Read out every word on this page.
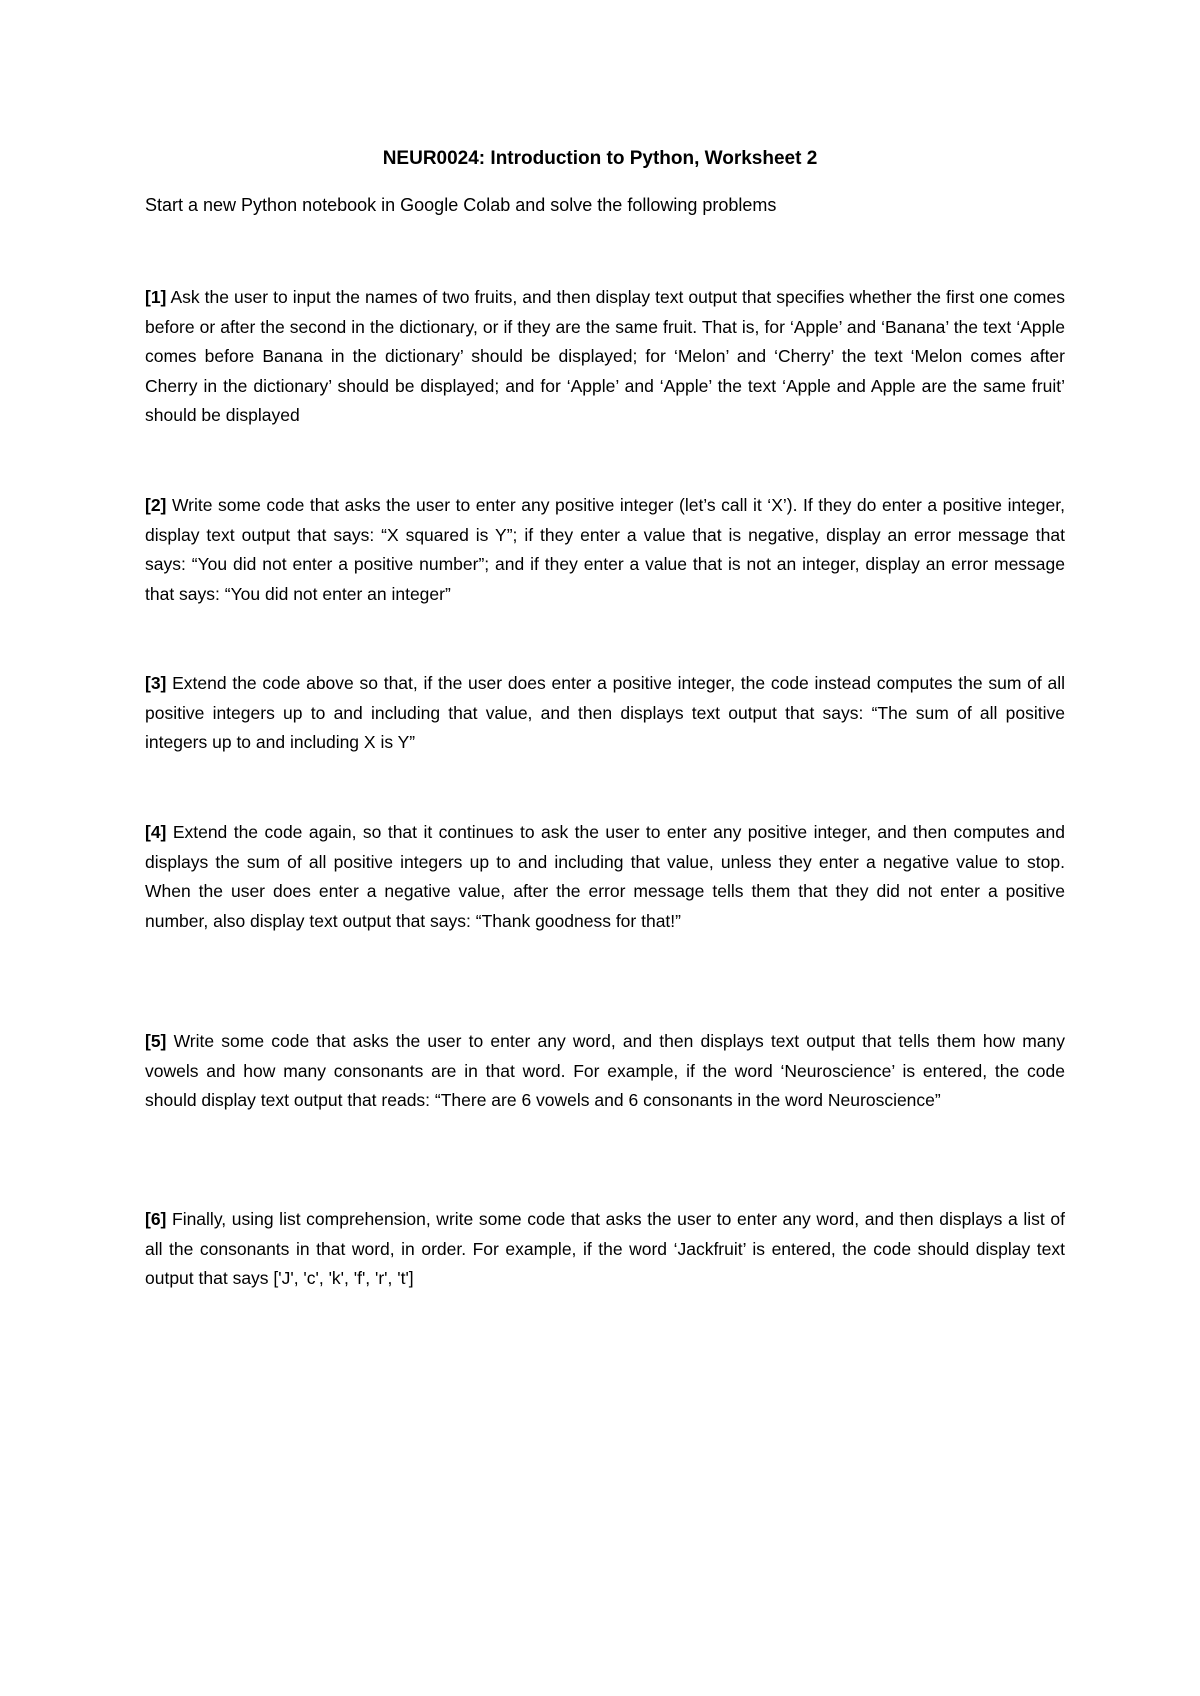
NEUR0024: Introduction to Python, Worksheet 2
Start a new Python notebook in Google Colab and solve the following problems

[1] Ask the user to input the names of two fruits, and then display text output that specifies whether the first one comes before or after the second in the dictionary, or if they are the same fruit. That is, for ‘Apple’ and ‘Banana’ the text ‘Apple comes before Banana in the dictionary’ should be displayed; for ‘Melon’ and ‘Cherry’ the text ‘Melon comes after Cherry in the dictionary’ should be displayed; and for ‘Apple’ and ‘Apple’ the text ‘Apple and Apple are the same fruit’ should be displayed

[2] Write some code that asks the user to enter any positive integer (let’s call it ‘X’). If they do enter a positive integer, display text output that says: “X squared is Y”; if they enter a value that is negative, display an error message that says: “You did not enter a positive number”; and if they enter a value that is not an integer, display an error message that says: “You did not enter an integer”

[3] Extend the code above so that, if the user does enter a positive integer, the code instead computes the sum of all positive integers up to and including that value, and then displays text output that says: “The sum of all positive integers up to and including X is Y”

[4] Extend the code again, so that it continues to ask the user to enter any positive integer, and then computes and displays the sum of all positive integers up to and including that value, unless they enter a negative value to stop. When the user does enter a negative value, after the error message tells them that they did not enter a positive number, also display text output that says: “Thank goodness for that!”

[5] Write some code that asks the user to enter any word, and then displays text output that tells them how many vowels and how many consonants are in that word. For example, if the word ‘Neuroscience’ is entered, the code should display text output that reads: “There are 6 vowels and 6 consonants in the word Neuroscience”

[6] Finally, using list comprehension, write some code that asks the user to enter any word, and then displays a list of all the consonants in that word, in order. For example, if the word ‘Jackfruit’ is entered, the code should display text output that says ['J', 'c', 'k', 'f', 'r', 't']
